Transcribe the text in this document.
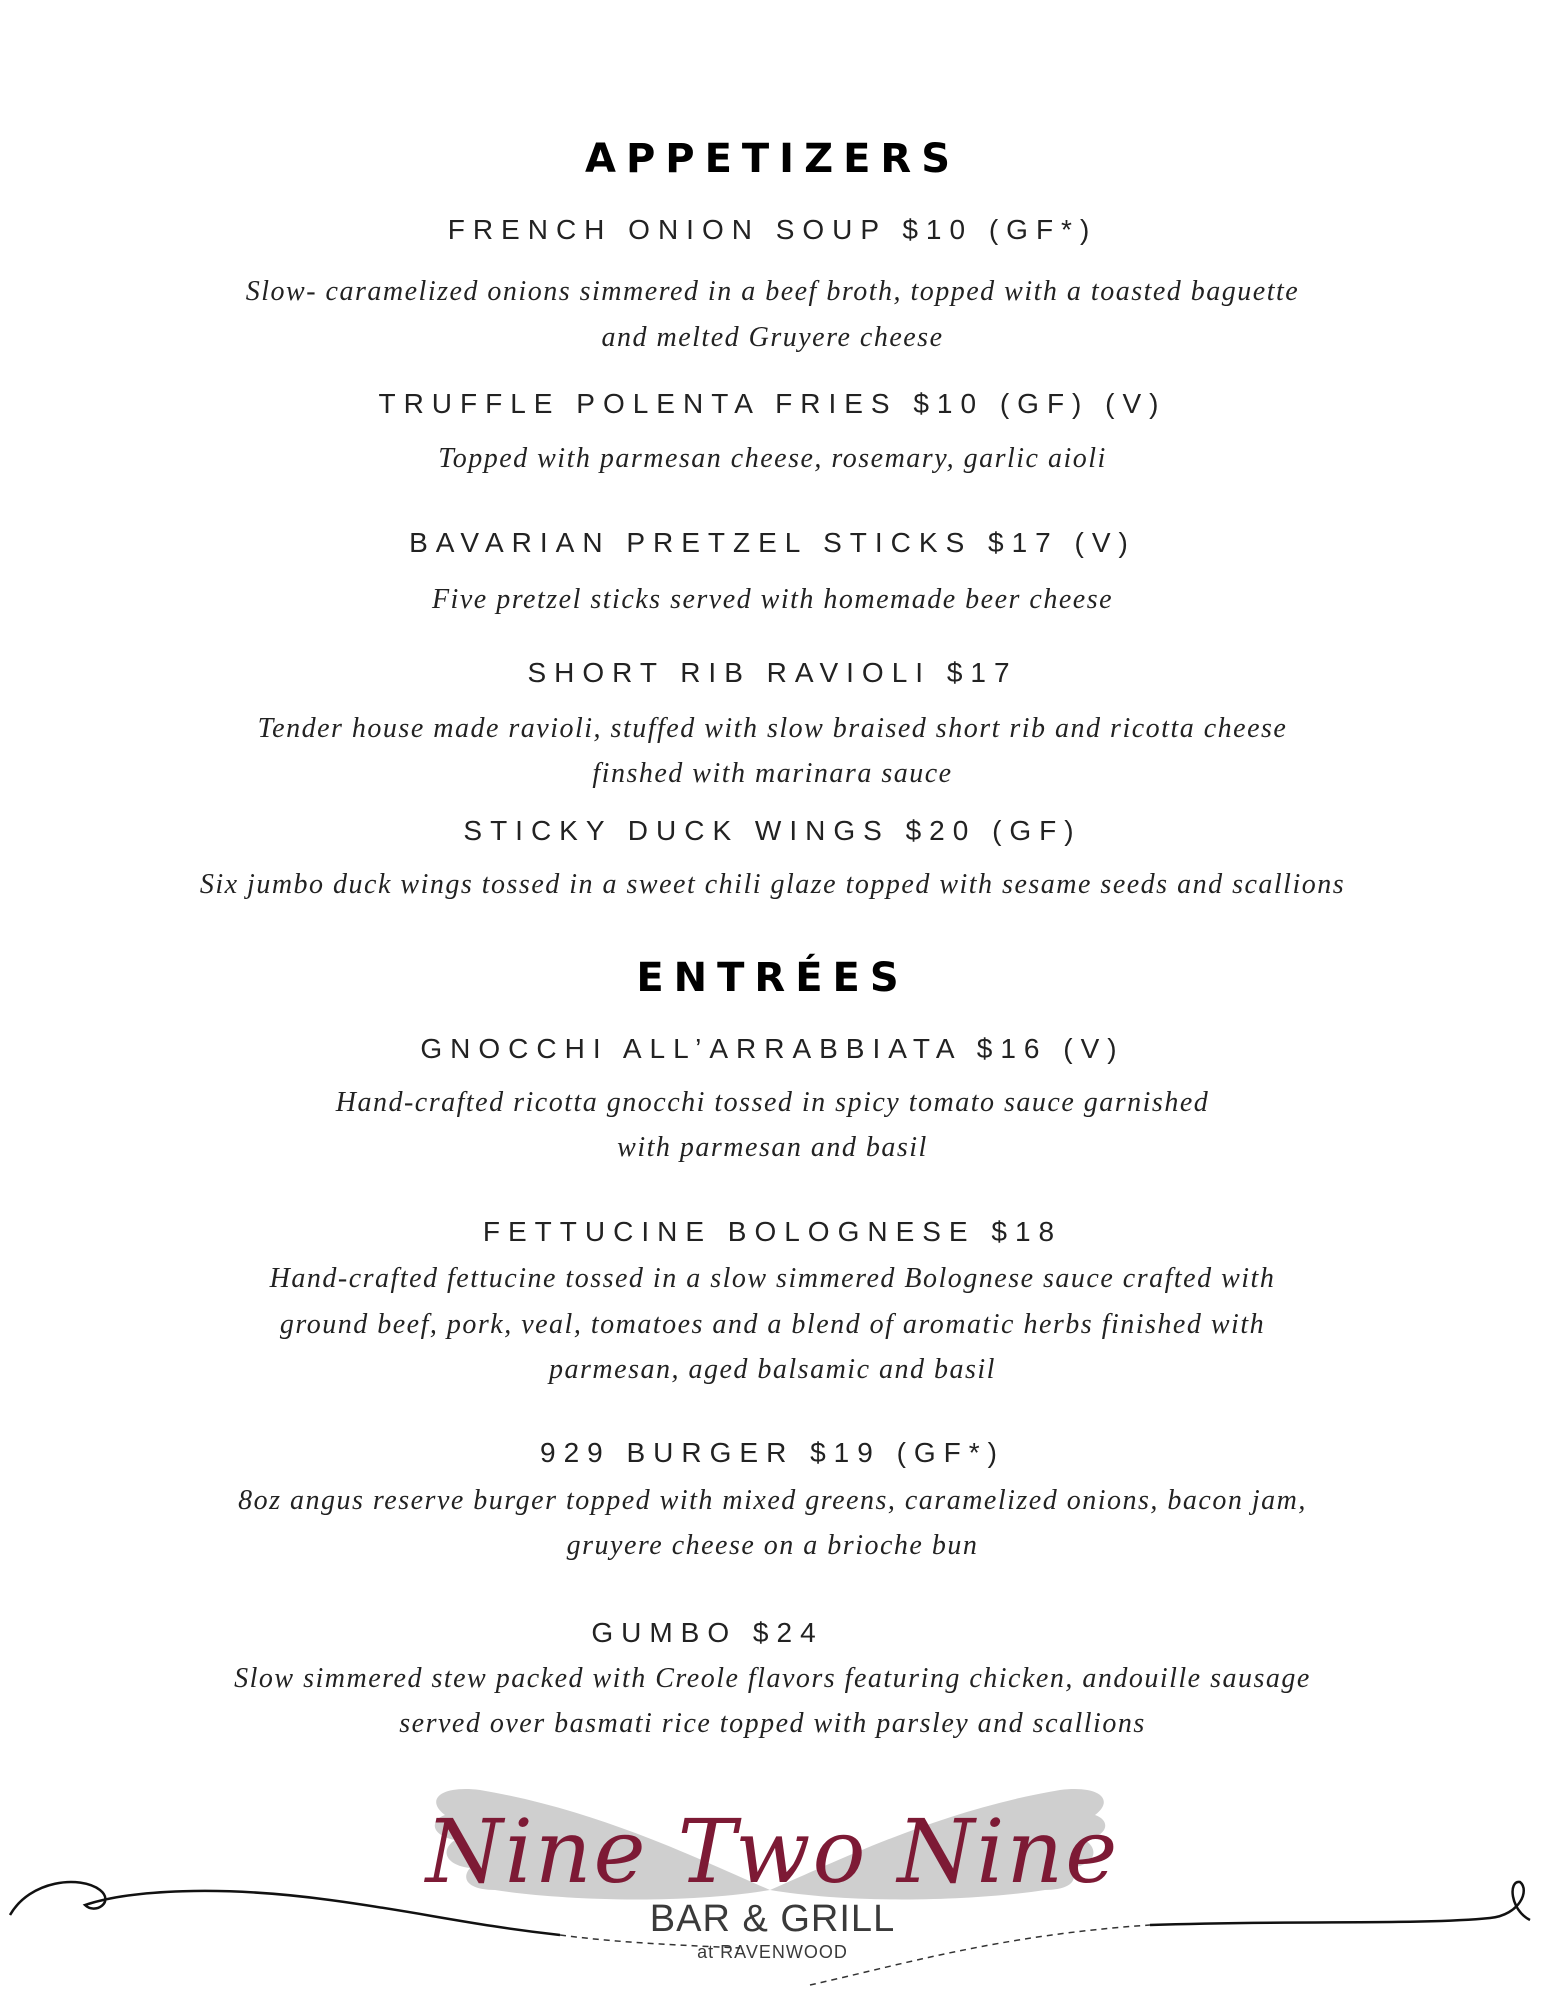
APPETIZERS
FRENCH ONION SOUP $10 (GF*)
Slow- caramelized onions simmered in a beef broth, topped with a toasted baguette
and melted Gruyere cheese
TRUFFLE POLENTA FRIES $10 (GF) (V)
Topped with parmesan cheese, rosemary, garlic aioli
BAVARIAN PRETZEL STICKS $17 (V)
Five pretzel sticks served with homemade beer cheese
SHORT RIB RAVIOLI $17
Tender house made ravioli, stuffed with slow braised short rib and ricotta cheese
finshed with marinara sauce
STICKY DUCK WINGS $20 (GF)
Six jumbo duck wings tossed in a sweet chili glaze topped with sesame seeds and scallions
ENTRÉES
GNOCCHI ALL’ARRABBIATA $16 (V)
Hand-crafted ricotta gnocchi tossed in spicy tomato sauce garnished
with parmesan and basil
FETTUCINE BOLOGNESE $18
Hand-crafted fettucine tossed in a slow simmered Bolognese sauce crafted with
ground beef, pork, veal, tomatoes and a blend of aromatic herbs finished with
parmesan, aged balsamic and basil
929 BURGER $19 (GF*)
8oz angus reserve burger topped with mixed greens, caramelized onions, bacon jam,
gruyere cheese on a brioche bun
GUMBO $24
Slow simmered stew packed with Creole flavors featuring chicken, andouille sausage
served over basmati rice topped with parsley and scallions
Nine Two Nine
BAR & GRILL
at RAVENWOOD
